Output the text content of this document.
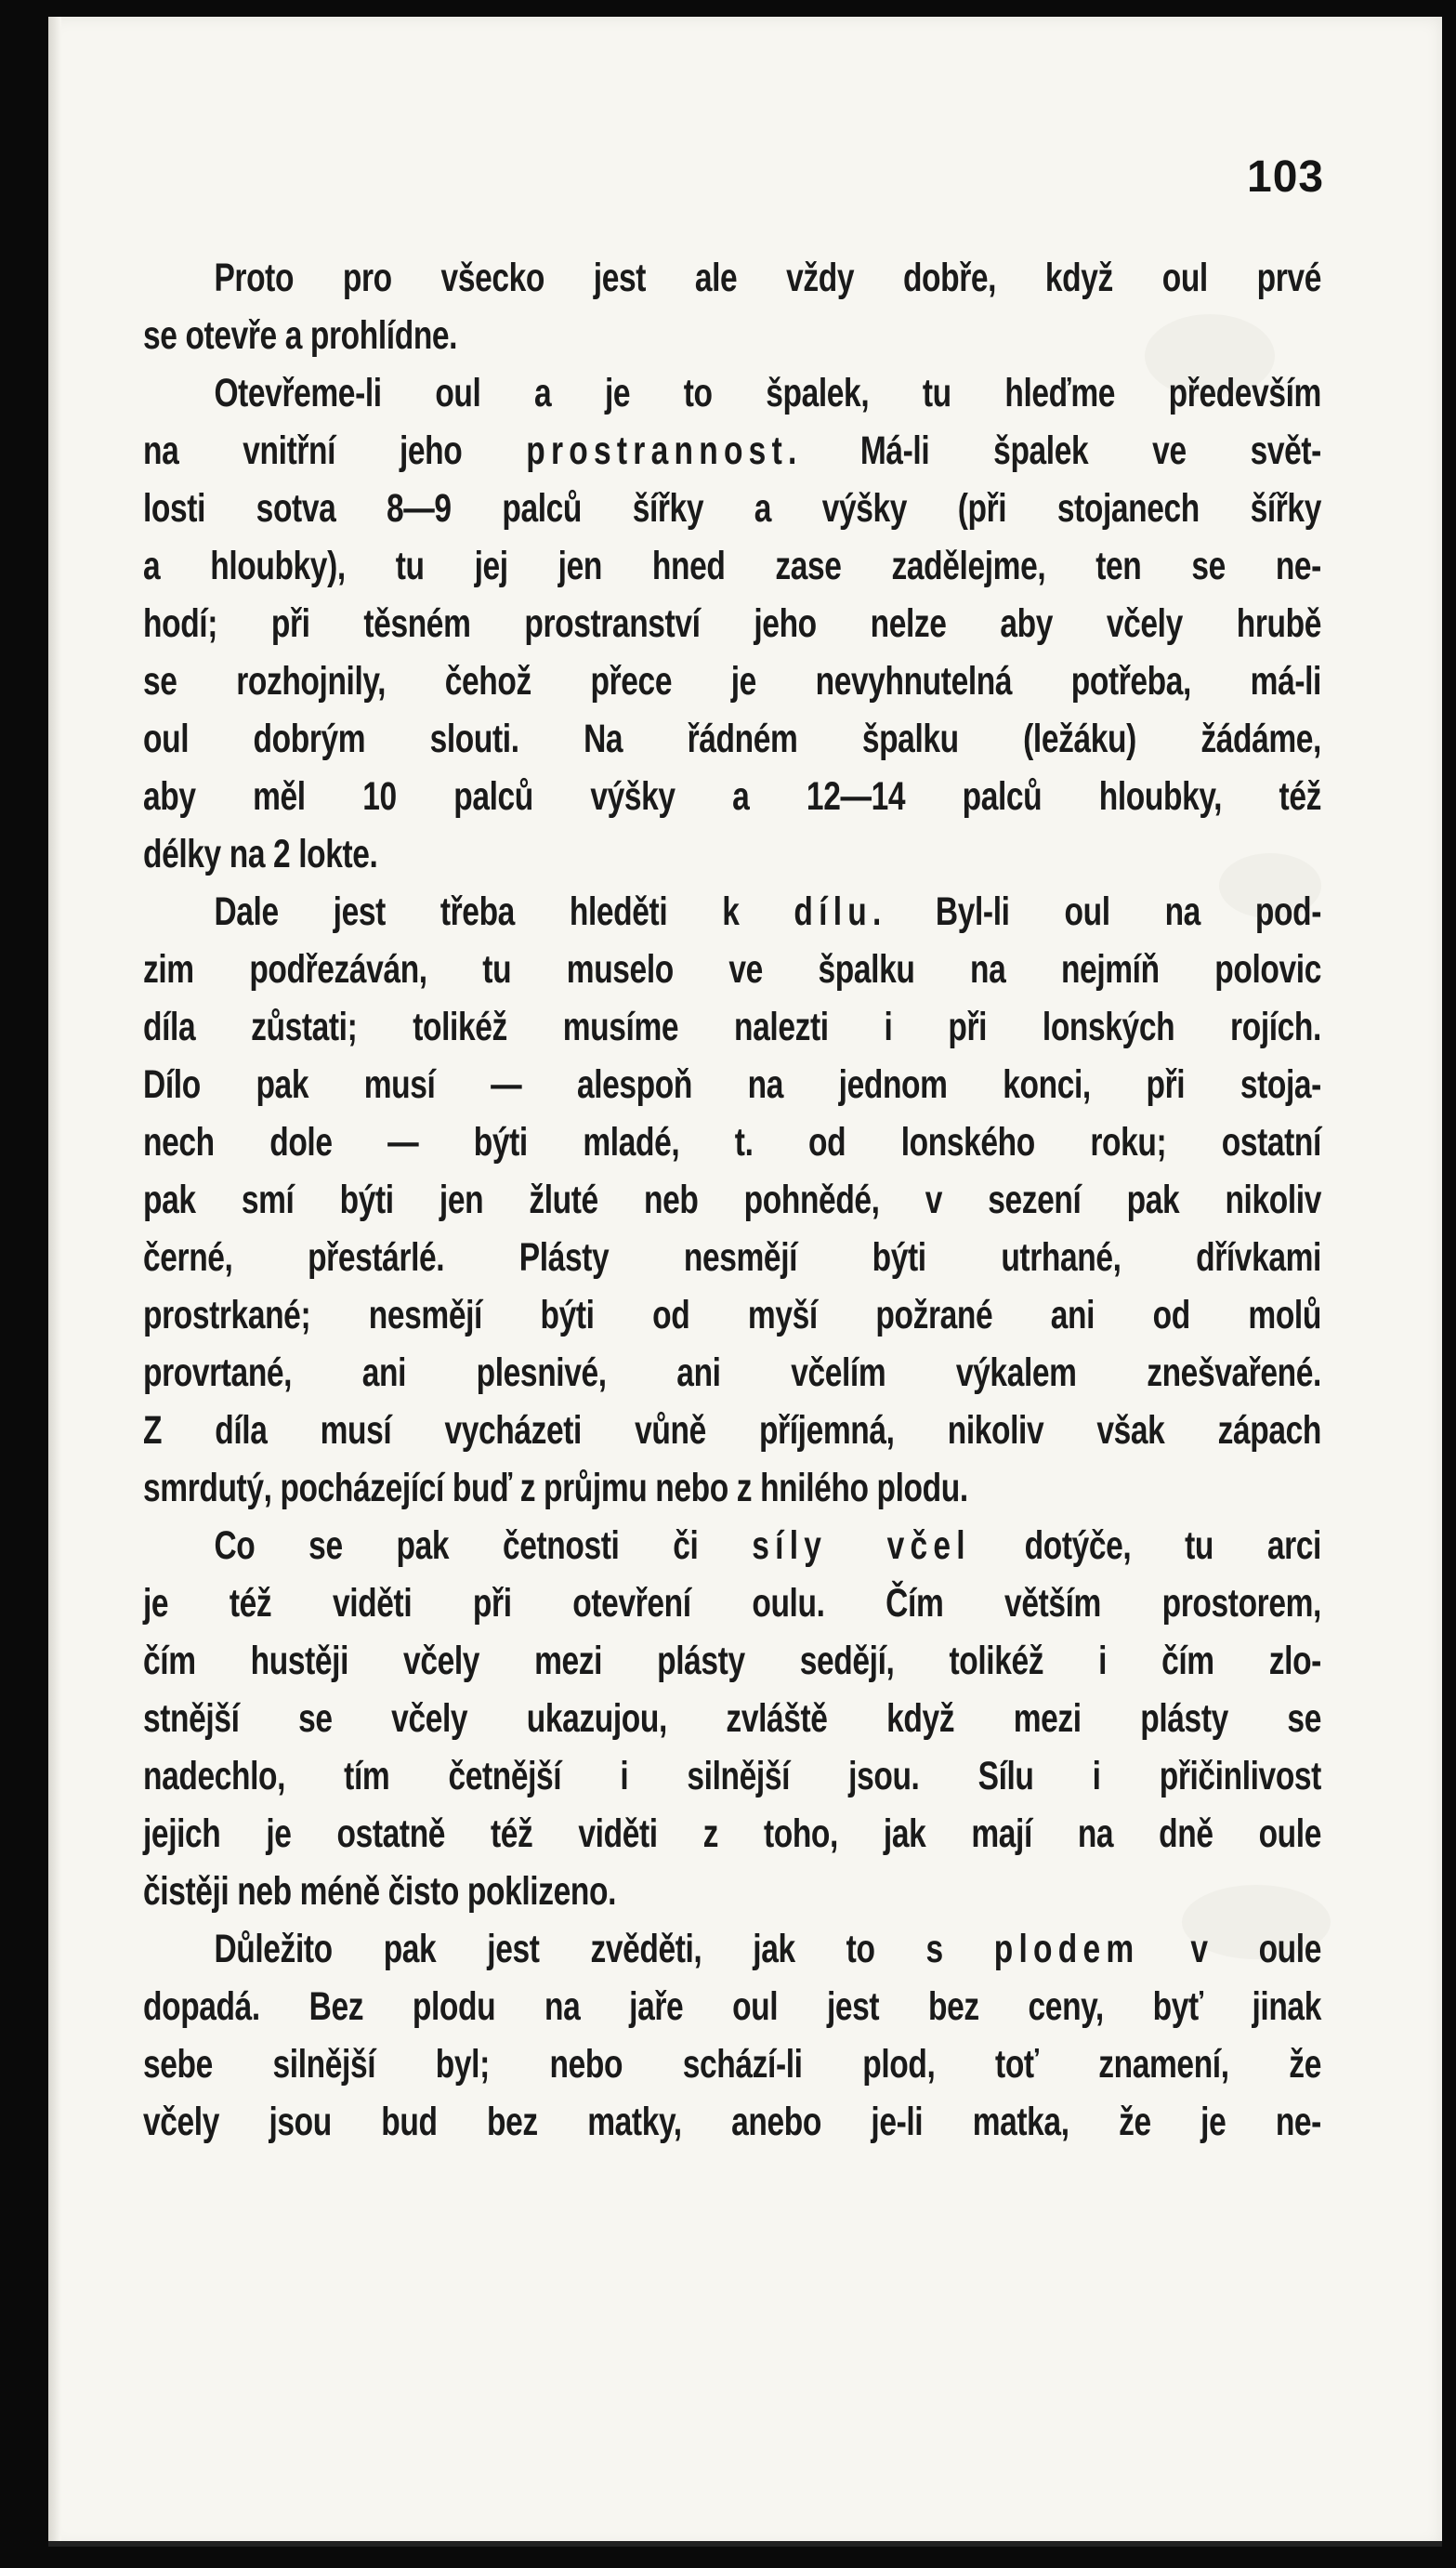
103
Proto pro všecko jest ale vždy dobře, když oul prvé
se otevře a prohlídne.
Otevřeme-li oul a je to špalek, tu hleďme především
na vnitřní jeho prostrannost. Má-li špalek ve svět-
losti sotva 8—9 palců šířky a výšky (při stojanech šířky
a hloubky), tu jej jen hned zase zadělejme, ten se ne-
hodí; při těsném prostranství jeho nelze aby včely hrubě
se rozhojnily, čehož přece je nevyhnutelná potřeba, má-li
oul dobrým slouti. Na řádném špalku (ležáku) žádáme,
aby měl 10 palců výšky a 12—14 palců hloubky, též
délky na 2 lokte.
Dale jest třeba hleděti k dílu. Byl-li oul na pod-
zim podřezáván, tu muselo ve špalku na nejmíň polovic
díla zůstati; tolikéž musíme nalezti i při lonských rojích.
Dílo pak musí — alespoň na jednom konci, při stoja-
nech dole — býti mladé, t. od lonského roku; ostatní
pak smí býti jen žluté neb pohnědé, v sezení pak nikoliv
černé, přestárlé. Plásty nesmějí býti utrhané, dřívkami
prostrkané; nesmějí býti od myší požrané ani od molů
provrtané, ani plesnivé, ani včelím výkalem znešvařené.
Z díla musí vycházeti vůně příjemná, nikoliv však zápach
smrdutý, pocházející buď z průjmu nebo z hnilého plodu.
Co se pak četnosti či síly včel dotýče, tu arci
je též viděti při otevření oulu. Čím větším prostorem,
čím hustěji včely mezi plásty sedějí, tolikéž i čím zlo-
stnější se včely ukazujou, zvláště když mezi plásty se
nadechlo, tím četnější i silnější jsou. Sílu i přičinlivost
jejich je ostatně též viděti z toho, jak mají na dně oule
čistěji neb méně čisto poklizeno.
Důležito pak jest zvěděti, jak to s plodem v oule
dopadá. Bez plodu na jaře oul jest bez ceny, byť jinak
sebe silnější byl; nebo schází-li plod, toť znamení, že
včely jsou bud bez matky, anebo je-li matka, že je ne-
